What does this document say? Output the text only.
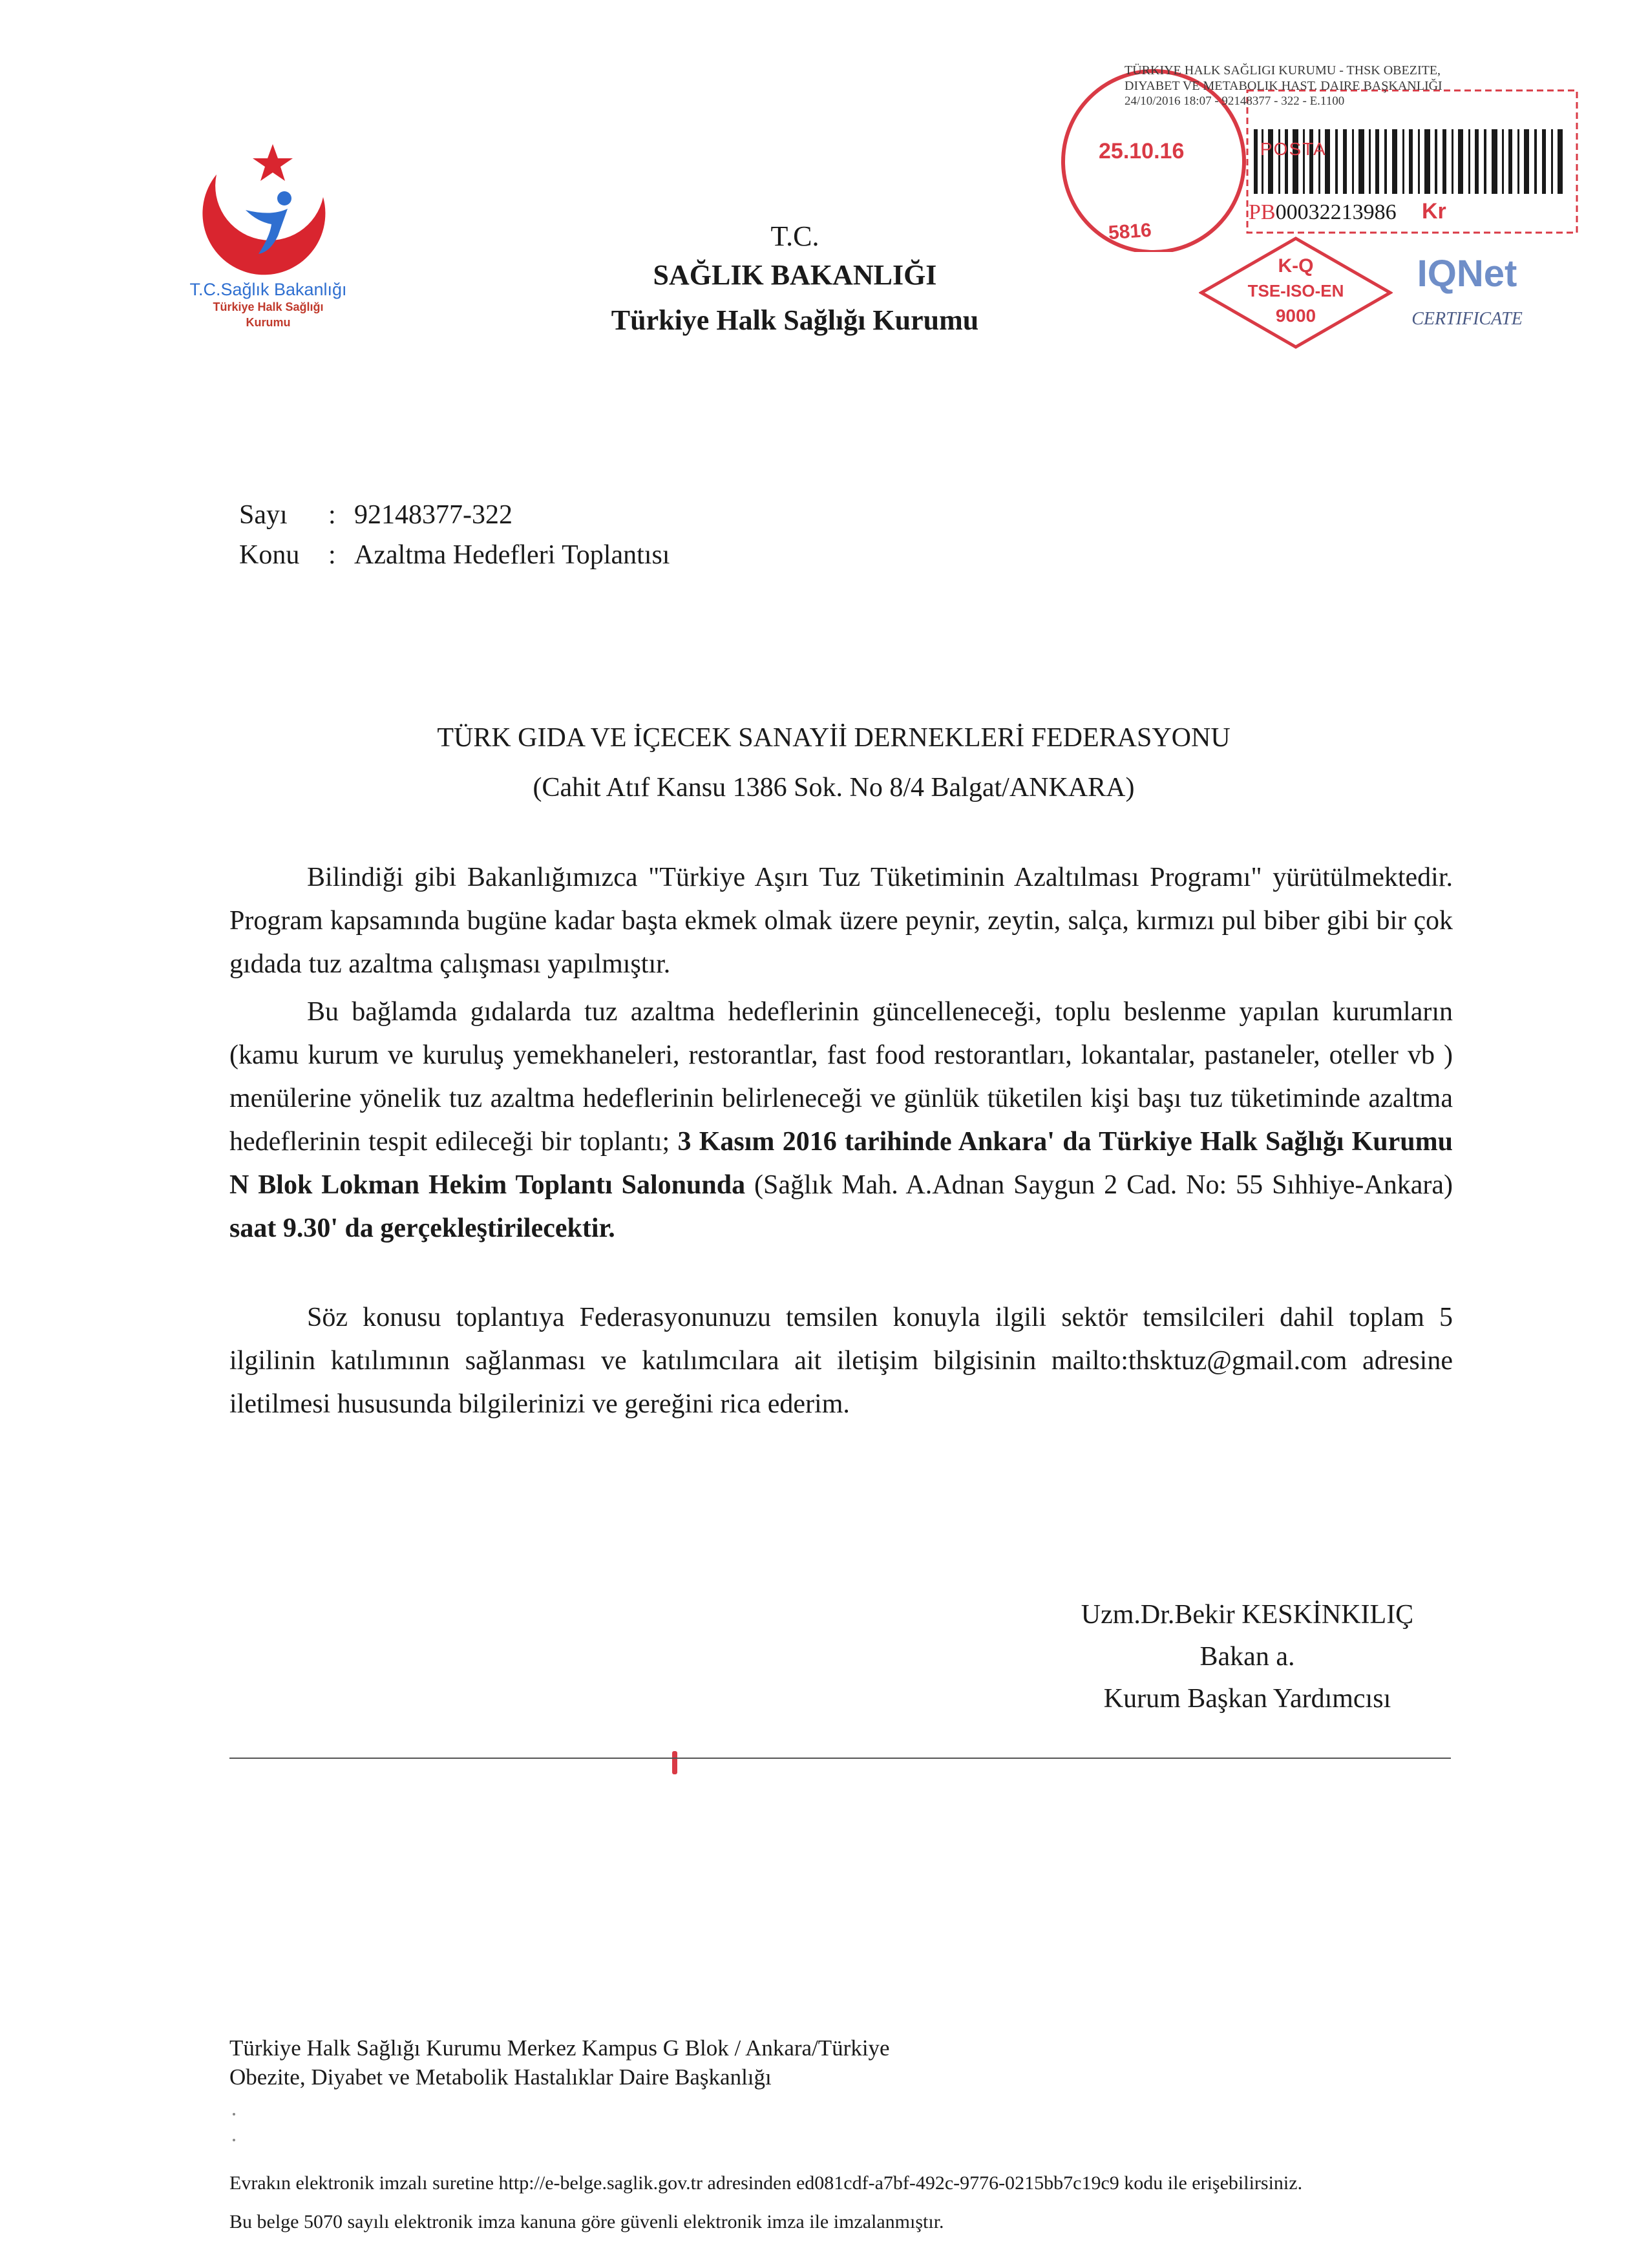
T.C.Sağlık Bakanlığı
Türkiye Halk Sağlığı
Kurumu
T.C.
SAĞLIK BAKANLIĞI
Türkiye Halk Sağlığı Kurumu
TÜRKIYE HALK SAĞLIGI KURUMU - THSK OBEZITE,
DIYABET VE METABOLIK HAST. DAIRE BAŞKANLIĞI
24/10/2016 18:07 - 92148377 - 322 - E.1100
25.10.16	POSTA
PB00032213986 Kr
5816
K-Q
TSE-ISO-EN
9000
IQNet
CERTIFICATE
Sayı : 92148377-322
Konu : Azaltma Hedefleri Toplantısı
TÜRK GIDA VE İÇECEK SANAYİİ DERNEKLERİ FEDERASYONU
(Cahit Atıf Kansu 1386 Sok. No 8/4 Balgat/ANKARA)

Bilindiği gibi Bakanlığımızca "Türkiye Aşırı Tuz Tüketiminin Azaltılması Programı" yürütülmektedir. Program kapsamında bugüne kadar başta ekmek olmak üzere peynir, zeytin, salça, kırmızı pul biber gibi bir çok gıdada tuz azaltma çalışması yapılmıştır.

Bu bağlamda gıdalarda tuz azaltma hedeflerinin güncelleneceği, toplu beslenme yapılan kurumların (kamu kurum ve kuruluş yemekhaneleri, restorantlar, fast food restorantları, lokantalar, pastaneler, oteller vb ) menülerine yönelik tuz azaltma hedeflerinin belirleneceği ve günlük tüketilen kişi başı tuz tüketiminde azaltma hedeflerinin tespit edileceği bir toplantı; 3 Kasım 2016 tarihinde Ankara' da Türkiye Halk Sağlığı Kurumu N Blok Lokman Hekim Toplantı Salonunda (Sağlık Mah. A.Adnan Saygun 2 Cad. No: 55 Sıhhiye-Ankara) saat 9.30' da gerçekleştirilecektir.

Söz konusu toplantıya Federasyonunuzu temsilen konuyla ilgili sektör temsilcileri dahil toplam 5 ilgilinin katılımının sağlanması ve katılımcılara ait iletişim bilgisinin mailto:thsktuz@gmail.com adresine iletilmesi hususunda bilgilerinizi ve gereğini rica ederim.

Uzm.Dr.Bekir KESKİNKILIÇ
Bakan a.
Kurum Başkan Yardımcısı
Türkiye Halk Sağlığı Kurumu Merkez Kampus G Blok / Ankara/Türkiye
Obezite, Diyabet ve Metabolik Hastalıklar Daire Başkanlığı
Evrakın elektronik imzalı suretine http://e-belge.saglik.gov.tr adresinden ed081cdf-a7bf-492c-9776-0215bb7c19c9 kodu ile erişebilirsiniz.
Bu belge 5070 sayılı elektronik imza kanuna göre güvenli elektronik imza ile imzalanmıştır.
